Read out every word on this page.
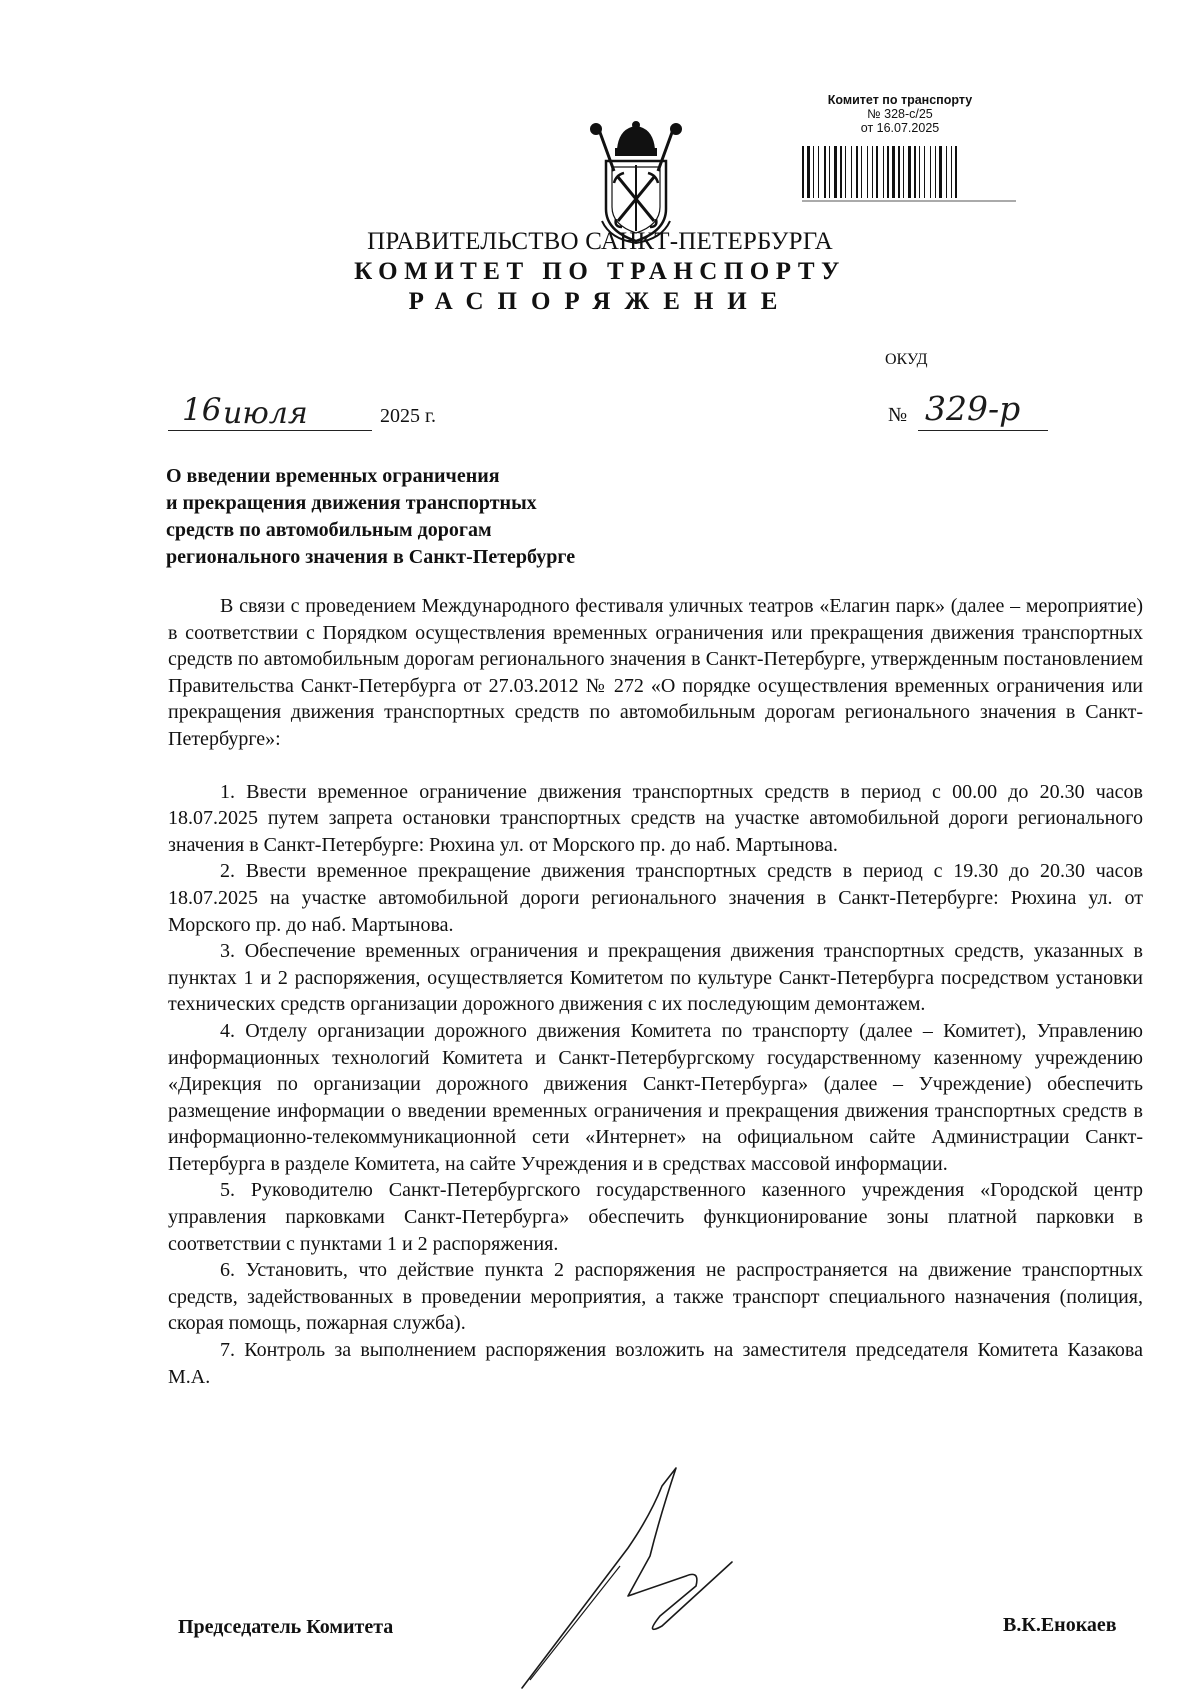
Комитет по транспорту
№ 328-с/25
от 16.07.2025
ПРАВИТЕЛЬСТВО САНКТ-ПЕТЕРБУРГА
КОМИТЕТ ПО ТРАНСПОРТУ
РАСПОРЯЖЕНИЕ
ОКУД
16 июля	2025 г.	№ 329-р
О введении временных ограничения
и прекращения движения транспортных
средств по автомобильным дорогам
регионального значения в Санкт-Петербурге

В связи с проведением Международного фестиваля уличных театров «Елагин парк» (далее – мероприятие) в соответствии с Порядком осуществления временных ограничения или прекращения движения транспортных средств по автомобильным дорогам регионального значения в Санкт-Петербурге, утвержденным постановлением Правительства Санкт-Петербурга от 27.03.2012 № 272 «О порядке осуществления временных ограничения или прекращения движения транспортных средств по автомобильным дорогам регионального значения в Санкт-Петербурге»:

1. Ввести временное ограничение движения транспортных средств в период с 00.00 до 20.30 часов 18.07.2025 путем запрета остановки транспортных средств на участке автомобильной дороги регионального значения в Санкт-Петербурге: Рюхина ул. от Морского пр. до наб. Мартынова.

2. Ввести временное прекращение движения транспортных средств в период с 19.30 до 20.30 часов 18.07.2025 на участке автомобильной дороги регионального значения в Санкт-Петербурге: Рюхина ул. от Морского пр. до наб. Мартынова.

3. Обеспечение временных ограничения и прекращения движения транспортных средств, указанных в пунктах 1 и 2 распоряжения, осуществляется Комитетом по культуре Санкт-Петербурга посредством установки технических средств организации дорожного движения с их последующим демонтажем.

4. Отделу организации дорожного движения Комитета по транспорту (далее – Комитет), Управлению информационных технологий Комитета и Санкт-Петербургскому государственному казенному учреждению «Дирекция по организации дорожного движения Санкт-Петербурга» (далее – Учреждение) обеспечить размещение информации о введении временных ограничения и прекращения движения транспортных средств в информационно-телекоммуникационной сети «Интернет» на официальном сайте Администрации Санкт-Петербурга в разделе Комитета, на сайте Учреждения и в средствах массовой информации.

5. Руководителю Санкт-Петербургского государственного казенного учреждения «Городской центр управления парковками Санкт-Петербурга» обеспечить функционирование зоны платной парковки в соответствии с пунктами 1 и 2 распоряжения.

6. Установить, что действие пункта 2 распоряжения не распространяется на движение транспортных средств, задействованных в проведении мероприятия, а также транспорт специального назначения (полиция, скорая помощь, пожарная служба).

7. Контроль за выполнением распоряжения возложить на заместителя председателя Комитета Казакова М.А.

Председатель Комитета	В.К.Енокаев
